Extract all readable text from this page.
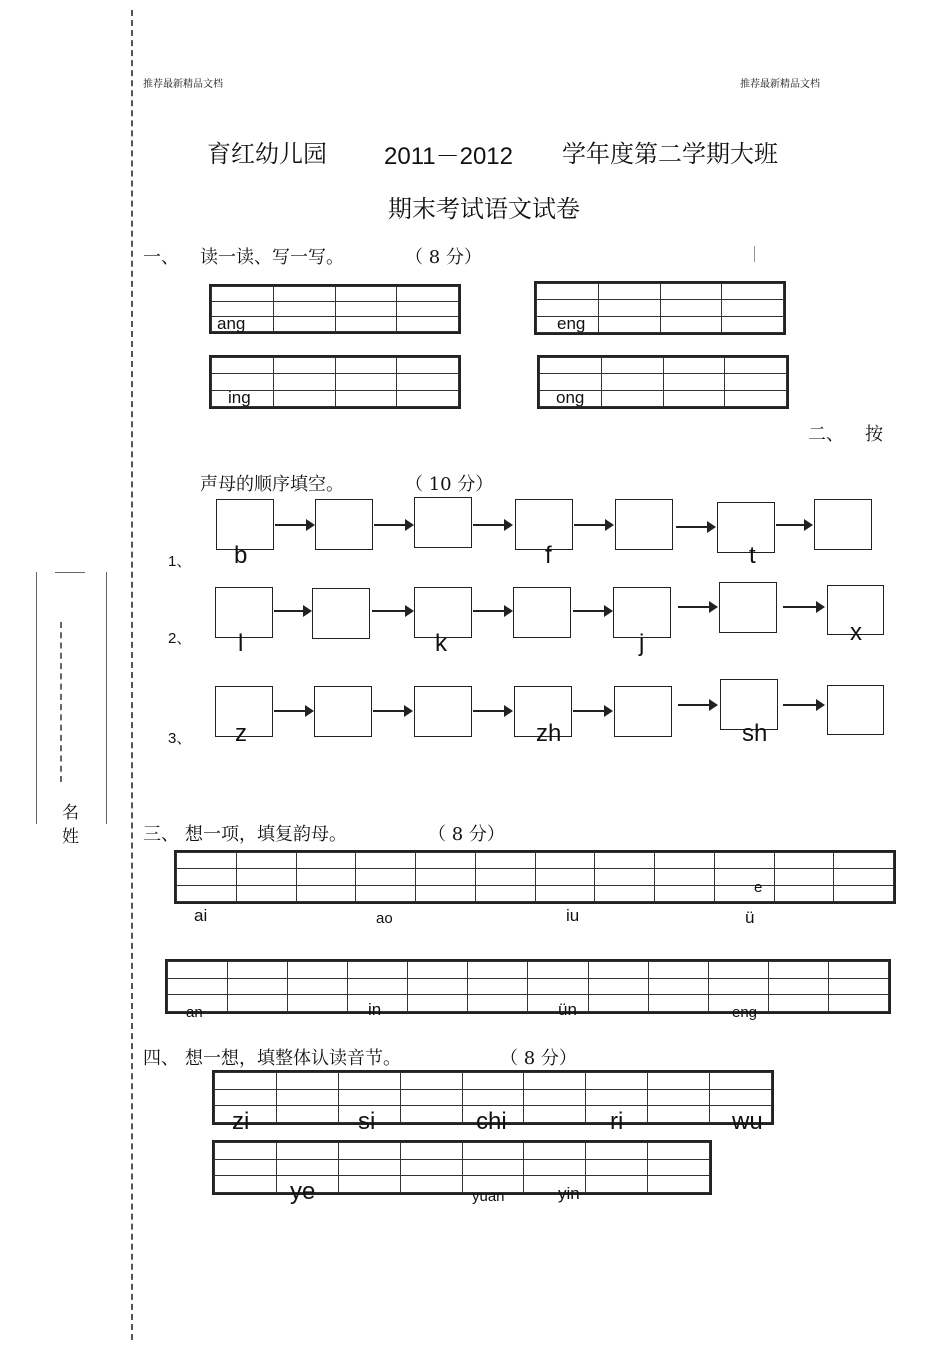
名
姓
推荐最新精品文档	推荐最新精品文档
育红幼儿园 2011－2012 学年度第二学期大班
期末考试语文试卷
一、 读一读、写一写。	（ 8 分）

ang

				eng

ing

				ong
二、 按
声母的顺序填空。	（ 10 分）
1、 b	f	t
2、 l	k	j	x
3、 z	zh	sh
三、 想一项，填复韵母。	（ 8 分）

ai	ao	iu
e
ü

an	in	ün	eng
四、 想一想，填整体认读音节。	（ 8 分）

zi	si	chi	ri	wu

ye	yuan	yin
